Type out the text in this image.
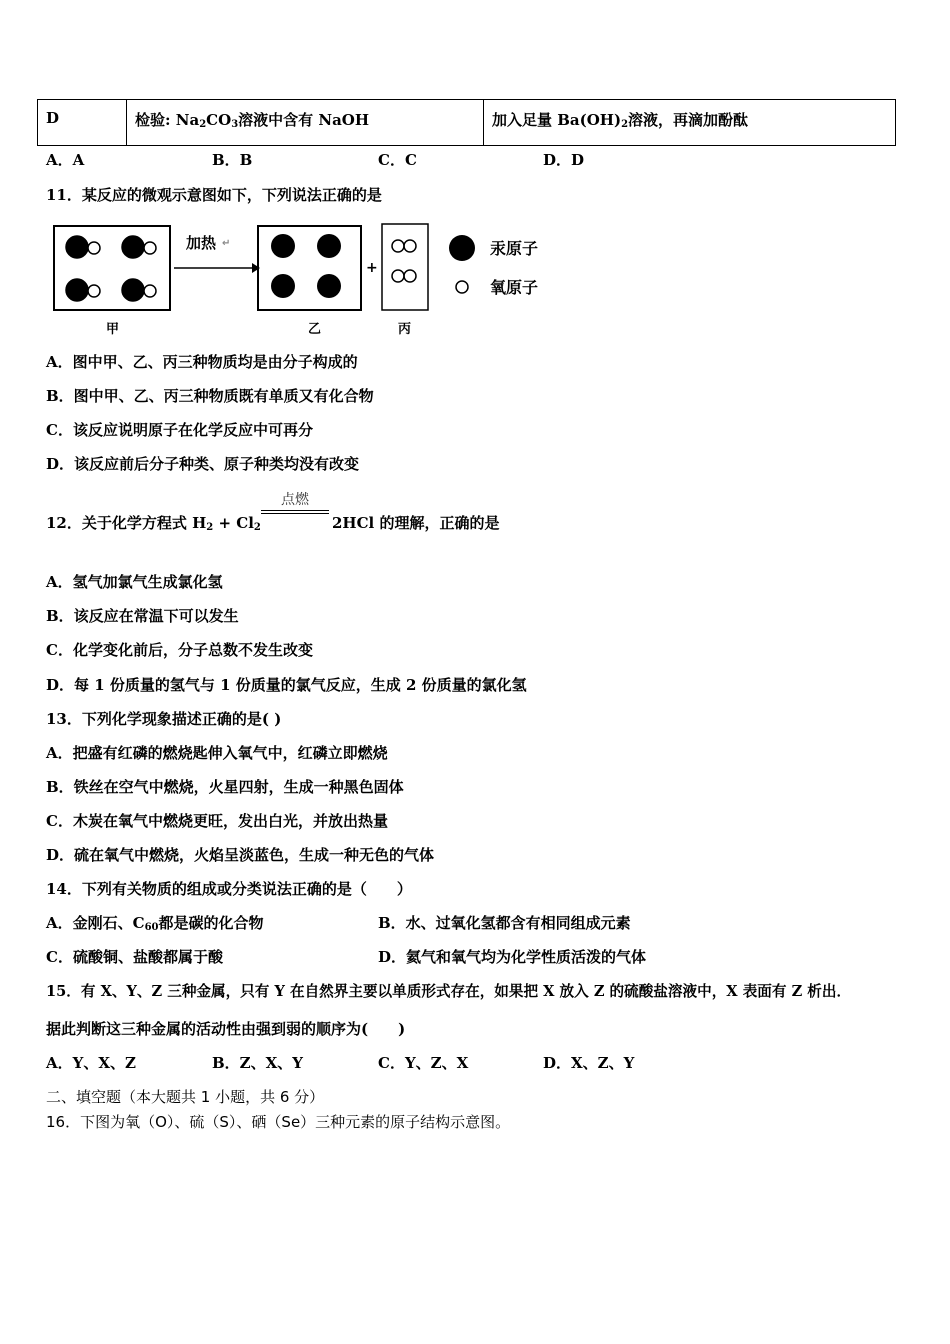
D	检验: $Na_2CO_3$溶液中含有 NaOH	加入足量 $Ba(OH)_2$溶液，再滴加酚酞
A．A	B．B	C．C	D．D
11．某反应的微观示意图如下，下列说法正确的是
加热 ↵
+
汞原子
氧原子
甲	乙	丙
A．图中甲、乙、丙三种物质均是由分子构成的
B．图中甲、乙、丙三种物质既有单质又有化合物
C．该反应说明原子在化学反应中可再分
D．该反应前后分子种类、原子种类均没有改变
12．关于化学方程式 $H_2 + Cl_2$
点燃
2HCl 的理解，正确的是
A．氢气加氯气生成氯化氢
B．该反应在常温下可以发生
C．化学变化前后，分子总数不发生改变
D．每 1 份质量的氢气与 1 份质量的氯气反应，生成 2 份质量的氯化氢
13．下列化学现象描述正确的是( )
A．把盛有红磷的燃烧匙伸入氧气中，红磷立即燃烧
B．铁丝在空气中燃烧，火星四射，生成一种黑色固体
C．木炭在氧气中燃烧更旺，发出白光，并放出热量
D．硫在氧气中燃烧，火焰呈淡蓝色，生成一种无色的气体
14．下列有关物质的组成或分类说法正确的是（　　）
A．金刚石、$C_{60}$都是碳的化合物	B．水、过氧化氢都含有相同组成元素
C．硫酸铜、盐酸都属于酸	D．氦气和氧气均为化学性质活泼的气体
15．有 X、Y、Z 三种金属，只有 Y 在自然界主要以单质形式存在，如果把 X 放入 Z 的硫酸盐溶液中，X 表面有 Z 析出．
据此判断这三种金属的活动性由强到弱的顺序为(　　)
A．Y、X、Z	B．Z、X、Y	C．Y、Z、X	D．X、Z、Y
二、填空题（本大题共 1 小题，共 6 分）
16．下图为氧（O）、硫（S）、硒（Se）三种元素的原子结构示意图。
